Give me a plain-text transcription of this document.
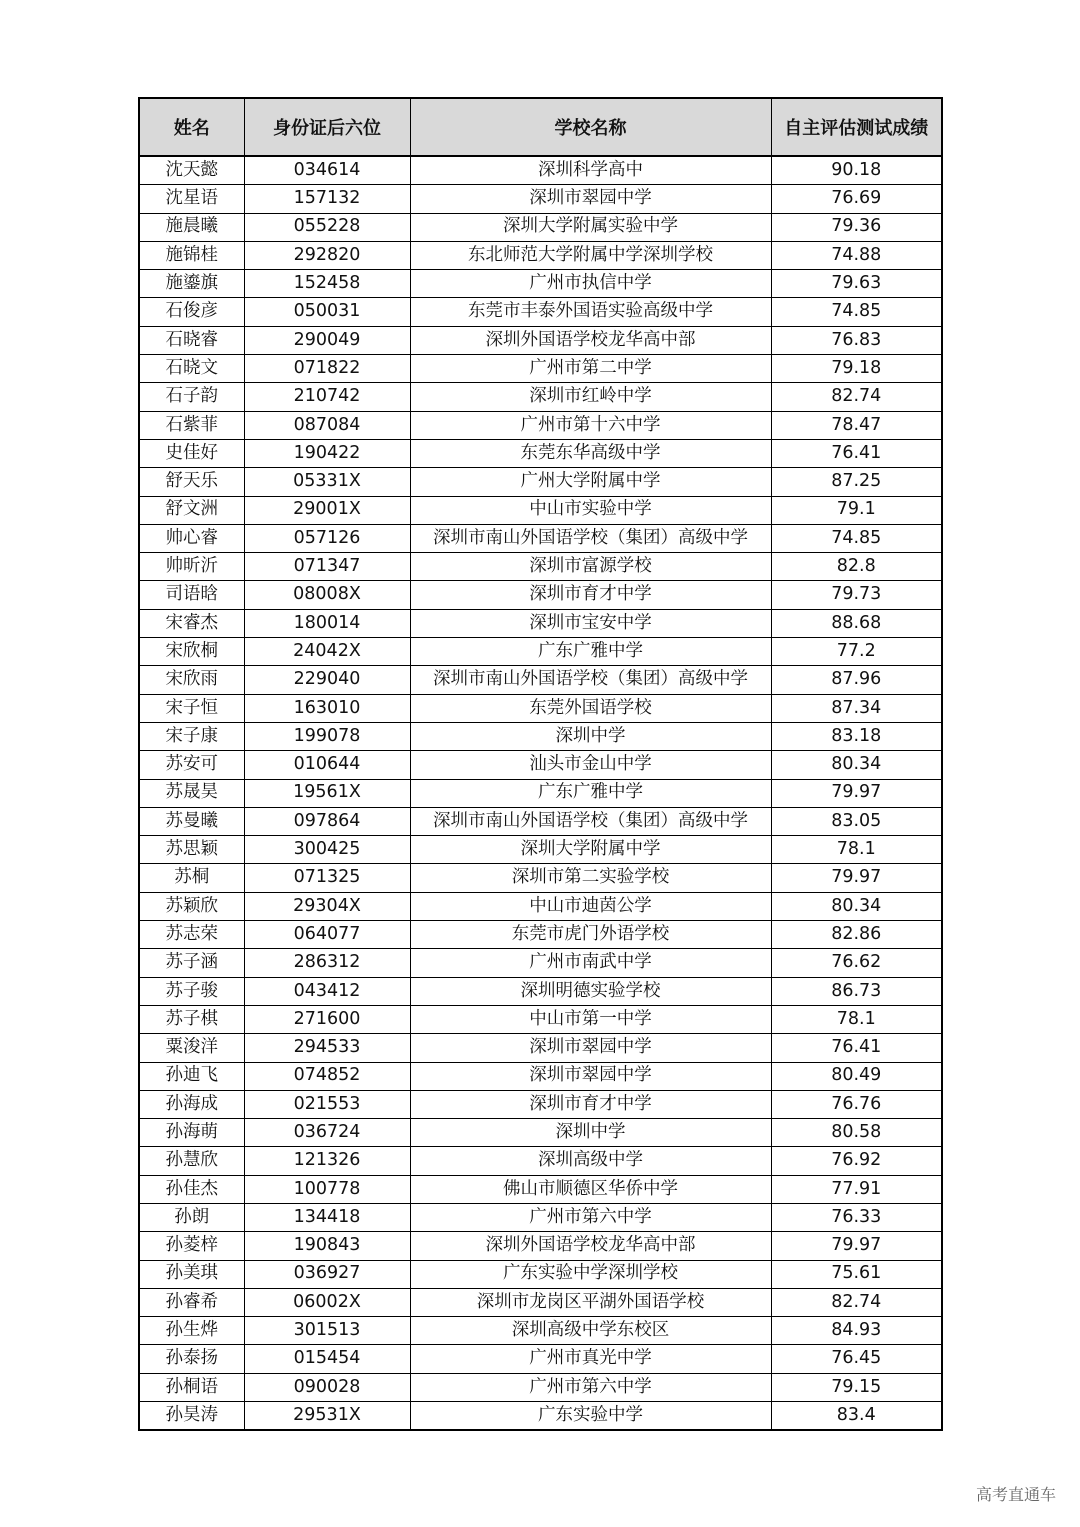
姓名	身份证后六位	学校名称	自主评估测试成绩
沈天懿	034614	深圳科学高中	90.18
沈星语	157132	深圳市翠园中学	76.69
施晨曦	055228	深圳大学附属实验中学	79.36
施锦桂	292820	东北师范大学附属中学深圳学校	74.88
施鎏旗	152458	广州市执信中学	79.63
石俊彦	050031	东莞市丰泰外国语实验高级中学	74.85
石晓睿	290049	深圳外国语学校龙华高中部	76.83
石晓文	071822	广州市第二中学	79.18
石子韵	210742	深圳市红岭中学	82.74
石紫菲	087084	广州市第十六中学	78.47
史佳好	190422	东莞东华高级中学	76.41
舒天乐	05331X	广州大学附属中学	87.25
舒文洲	29001X	中山市实验中学	79.1
帅心睿	057126	深圳市南山外国语学校（集团）高级中学	74.85
帅昕沂	071347	深圳市富源学校	82.8
司语晗	08008X	深圳市育才中学	79.73
宋睿杰	180014	深圳市宝安中学	88.68
宋欣桐	24042X	广东广雅中学	77.2
宋欣雨	229040	深圳市南山外国语学校（集团）高级中学	87.96
宋子恒	163010	东莞外国语学校	87.34
宋子康	199078	深圳中学	83.18
苏安可	010644	汕头市金山中学	80.34
苏晟昊	19561X	广东广雅中学	79.97
苏曼曦	097864	深圳市南山外国语学校（集团）高级中学	83.05
苏思颖	300425	深圳大学附属中学	78.1
苏桐	071325	深圳市第二实验学校	79.97
苏颖欣	29304X	中山市迪茵公学	80.34
苏志荣	064077	东莞市虎门外语学校	82.86
苏子涵	286312	广州市南武中学	76.62
苏子骏	043412	深圳明德实验学校	86.73
苏子棋	271600	中山市第一中学	78.1
粟浚洋	294533	深圳市翠园中学	76.41
孙迪飞	074852	深圳市翠园中学	80.49
孙海成	021553	深圳市育才中学	76.76
孙海萌	036724	深圳中学	80.58
孙慧欣	121326	深圳高级中学	76.92
孙佳杰	100778	佛山市顺德区华侨中学	77.91
孙朗	134418	广州市第六中学	76.33
孙菱梓	190843	深圳外国语学校龙华高中部	79.97
孙美琪	036927	广东实验中学深圳学校	75.61
孙睿希	06002X	深圳市龙岗区平湖外国语学校	82.74
孙生烨	301513	深圳高级中学东校区	84.93
孙泰扬	015454	广州市真光中学	76.45
孙桐语	090028	广州市第六中学	79.15
孙昊涛	29531X	广东实验中学	83.4
高考直通车
